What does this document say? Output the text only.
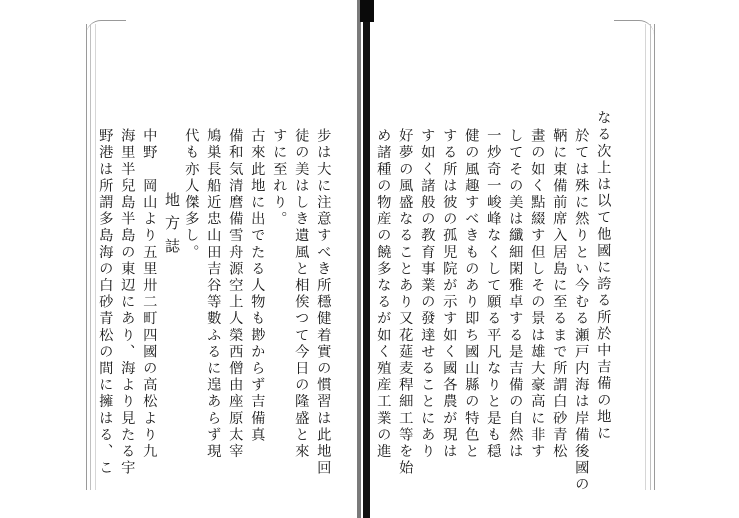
なる次上は以て他國に誇る所於中吉備の地に
於ては殊に然りとい今むる瀬戸内海は岸備後國の
鞆に東備前席入居島に至るまで所謂白砂青松
畫の如く點綴す但しその景は雄大豪高に非す
してその美は纖細閑雅卓する是吉備の自然は
一炒奇一峻峰なくして願る平凡なりと是も穏
健の風趣すべきものあり即ち國山縣の特色と
する所は彼の孤児院が示す如く國各農が現は
す如く諸般の教育事業の發達せることにあり
好夢の風盛なることあり又花莚麦稈細工等を始
め諸種の物産の饒多なるが如く殖産工業の進
步は大に注意すべき所穩健着實の慣習は此地回
徒の美はしき遺風と相俟つて今日の隆盛と來
すに至れり。
古來此地に出でたる人物も尠からず吉備真
備和気清麿備雪舟源空上人榮西僧由座原太宰
鳩巣長船近忠山田吉谷等數ふるに遑あらず現
代も亦人傑多し。
地方誌
中野　岡山より五里卅二町四國の高松より九
海里半兒島半島の東辺にあり、海より見たる宇
野港は所謂多島海の白砂青松の間に擁はる、こ
